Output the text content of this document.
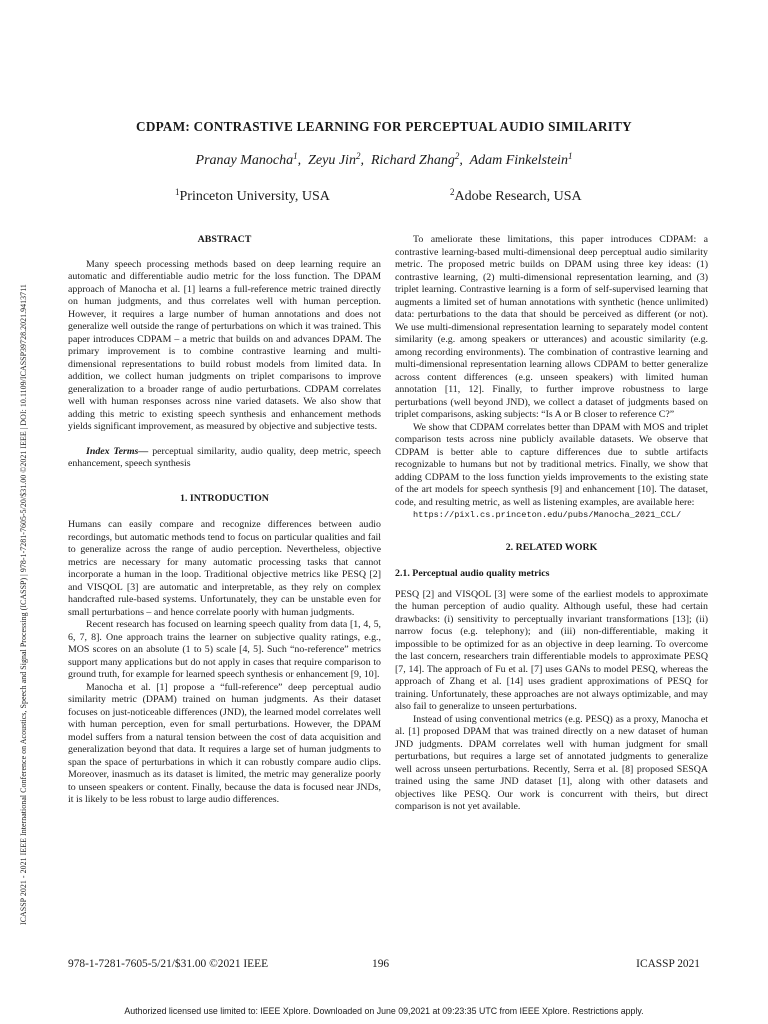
ICASSP 2021 - 2021 IEEE International Conference on Acoustics, Speech and Signal Processing (ICASSP) | 978-1-7281-7605-5/20/$31.00 ©2021 IEEE | DOI: 10.1109/ICASSP39728.2021.9413711
CDPAM: CONTRASTIVE LEARNING FOR PERCEPTUAL AUDIO SIMILARITY
Pranay Manocha$^1$,  Zeyu Jin$^2$,  Richard Zhang$^2$,  Adam Finkelstein$^1$
$^1$Princeton University, USA	$^2$Adobe Research, USA
ABSTRACT

Many speech processing methods based on deep learning require an automatic and differentiable audio metric for the loss function. The DPAM approach of Manocha et al. [1] learns a full-reference metric trained directly on human judgments, and thus correlates well with human perception. However, it requires a large number of human annotations and does not generalize well outside the range of perturbations on which it was trained. This paper introduces CDPAM – a metric that builds on and advances DPAM. The primary improvement is to combine contrastive learning and multi-dimensional representations to build robust models from limited data. In addition, we collect human judgments on triplet comparisons to improve generalization to a broader range of audio perturbations. CDPAM correlates well with human responses across nine varied datasets. We also show that adding this metric to existing speech synthesis and enhancement methods yields significant improvement, as measured by objective and subjective tests.

Index Terms— perceptual similarity, audio quality, deep metric, speech enhancement, speech synthesis

1. INTRODUCTION

Humans can easily compare and recognize differences between audio recordings, but automatic methods tend to focus on particular qualities and fail to generalize across the range of audio perception. Nevertheless, objective metrics are necessary for many automatic processing tasks that cannot incorporate a human in the loop. Traditional objective metrics like PESQ [2] and VISQOL [3] are automatic and interpretable, as they rely on complex handcrafted rule-based systems. Unfortunately, they can be unstable even for small perturbations – and hence correlate poorly with human judgments.

Recent research has focused on learning speech quality from data [1, 4, 5, 6, 7, 8]. One approach trains the learner on subjective quality ratings, e.g., MOS scores on an absolute (1 to 5) scale [4, 5]. Such “no-reference” metrics support many applications but do not apply in cases that require comparison to ground truth, for example for learned speech synthesis or enhancement [9, 10].

Manocha et al. [1] propose a “full-reference” deep perceptual audio similarity metric (DPAM) trained on human judgments. As their dataset focuses on just-noticeable differences (JND), the learned model correlates well with human perception, even for small perturbations. However, the DPAM model suffers from a natural tension between the cost of data acquisition and generalization beyond that data. It requires a large set of human judgments to span the space of perturbations in which it can robustly compare audio clips. Moreover, inasmuch as its dataset is limited, the metric may generalize poorly to unseen speakers or content. Finally, because the data is focused near JNDs, it is likely to be less robust to large audio differences.

To ameliorate these limitations, this paper introduces CDPAM: a contrastive learning-based multi-dimensional deep perceptual audio similarity metric. The proposed metric builds on DPAM using three key ideas: (1) contrastive learning, (2) multi-dimensional representation learning, and (3) triplet learning. Contrastive learning is a form of self-supervised learning that augments a limited set of human annotations with synthetic (hence unlimited) data: perturbations to the data that should be perceived as different (or not). We use multi-dimensional representation learning to separately model content similarity (e.g. among speakers or utterances) and acoustic similarity (e.g. among recording environments). The combination of contrastive learning and multi-dimensional representation learning allows CDPAM to better generalize across content differences (e.g. unseen speakers) with limited human annotation [11, 12]. Finally, to further improve robustness to large perturbations (well beyond JND), we collect a dataset of judgments based on triplet comparisons, asking subjects: “Is A or B closer to reference C?”

We show that CDPAM correlates better than DPAM with MOS and triplet comparison tests across nine publicly available datasets. We observe that CDPAM is better able to capture differences due to subtle artifacts recognizable to humans but not by traditional metrics. Finally, we show that adding CDPAM to the loss function yields improvements to the existing state of the art models for speech synthesis [9] and enhancement [10]. The dataset, code, and resulting metric, as well as listening examples, are available here:

https://pixl.cs.princeton.edu/pubs/Manocha_2021_CCL/

2. RELATED WORK
2.1. Perceptual audio quality metrics

PESQ [2] and VISQOL [3] were some of the earliest models to approximate the human perception of audio quality. Although useful, these had certain drawbacks: (i) sensitivity to perceptually invariant transformations [13]; (ii) narrow focus (e.g. telephony); and (iii) non-differentiable, making it impossible to be optimized for as an objective in deep learning. To overcome the last concern, researchers train differentiable models to approximate PESQ [7, 14]. The approach of Fu et al. [7] uses GANs to model PESQ, whereas the approach of Zhang et al. [14] uses gradient approximations of PESQ for training. Unfortunately, these approaches are not always optimizable, and may also fail to generalize to unseen perturbations.

Instead of using conventional metrics (e.g. PESQ) as a proxy, Manocha et al. [1] proposed DPAM that was trained directly on a new dataset of human JND judgments. DPAM correlates well with human judgment for small perturbations, but requires a large set of annotated judgments to generalize well across unseen perturbations. Recently, Serra et al. [8] proposed SESQA trained using the same JND dataset [1], along with other datasets and objectives like PESQ. Our work is concurrent with theirs, but direct comparison is not yet available.

978-1-7281-7605-5/21/$31.00 ©2021 IEEE	196	ICASSP 2021
Authorized licensed use limited to: IEEE Xplore. Downloaded on June 09,2021 at 09:23:35 UTC from IEEE Xplore. Restrictions apply.
